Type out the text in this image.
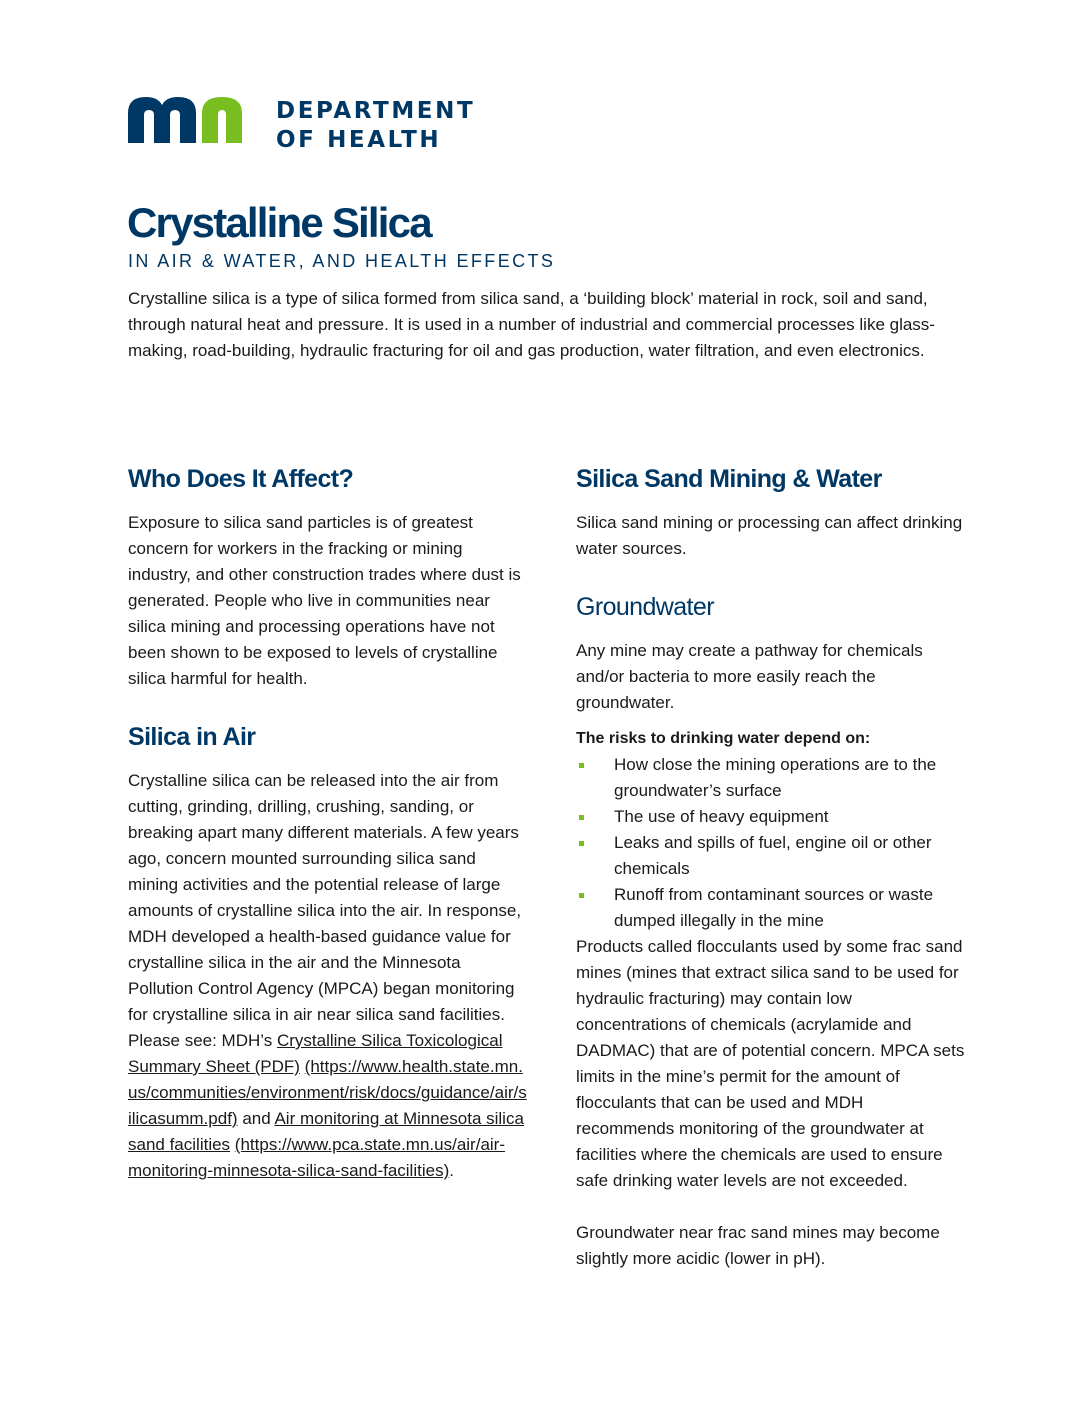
DEPARTMENT
OF HEALTH
Crystalline Silica
IN AIR & WATER, AND HEALTH EFFECTS

Crystalline silica is a type of silica formed from silica sand, a ‘building block’ material in rock, soil and sand, through natural heat and pressure. It is used in a number of industrial and commercial processes like glass-making, road-building, hydraulic fracturing for oil and gas production, water filtration, and even electronics.

Who Does It Affect?

Exposure to silica sand particles is of greatest concern for workers in the fracking or mining industry, and other construction trades where dust is generated. People who live in communities near silica mining and processing operations have not been shown to be exposed to levels of crystalline silica harmful for health.

Silica in Air

Crystalline silica can be released into the air from cutting, grinding, drilling, crushing, sanding, or breaking apart many different materials. A few years ago, concern mounted surrounding silica sand mining activities and the potential release of large amounts of crystalline silica into the air. In response, MDH developed a health-based guidance value for crystalline silica in the air and the Minnesota Pollution Control Agency (MPCA) began monitoring for crystalline silica in air near silica sand facilities. Please see: MDH’s Crystalline Silica Toxicological Summary Sheet (PDF) (https://www.health.state.mn.us/communities/environment/risk/docs/guidance/air/silicasumm.pdf) and Air monitoring at Minnesota silica sand facilities (https://www.pca.state.mn.us/air/air-monitoring-minnesota-silica-sand-facilities).

Silica Sand Mining & Water

Silica sand mining or processing can affect drinking water sources.

Groundwater

Any mine may create a pathway for chemicals and/or bacteria to more easily reach the groundwater.

The risks to drinking water depend on:

How close the mining operations are to the groundwater’s surface
The use of heavy equipment
Leaks and spills of fuel, engine oil or other chemicals
Runoff from contaminant sources or waste dumped illegally in the mine

Products called flocculants used by some frac sand mines (mines that extract silica sand to be used for hydraulic fracturing) may contain low concentrations of chemicals (acrylamide and DADMAC) that are of potential concern. MPCA sets limits in the mine’s permit for the amount of flocculants that can be used and MDH recommends monitoring of the groundwater at facilities where the chemicals are used to ensure safe drinking water levels are not exceeded.

Groundwater near frac sand mines may become slightly more acidic (lower in pH).
